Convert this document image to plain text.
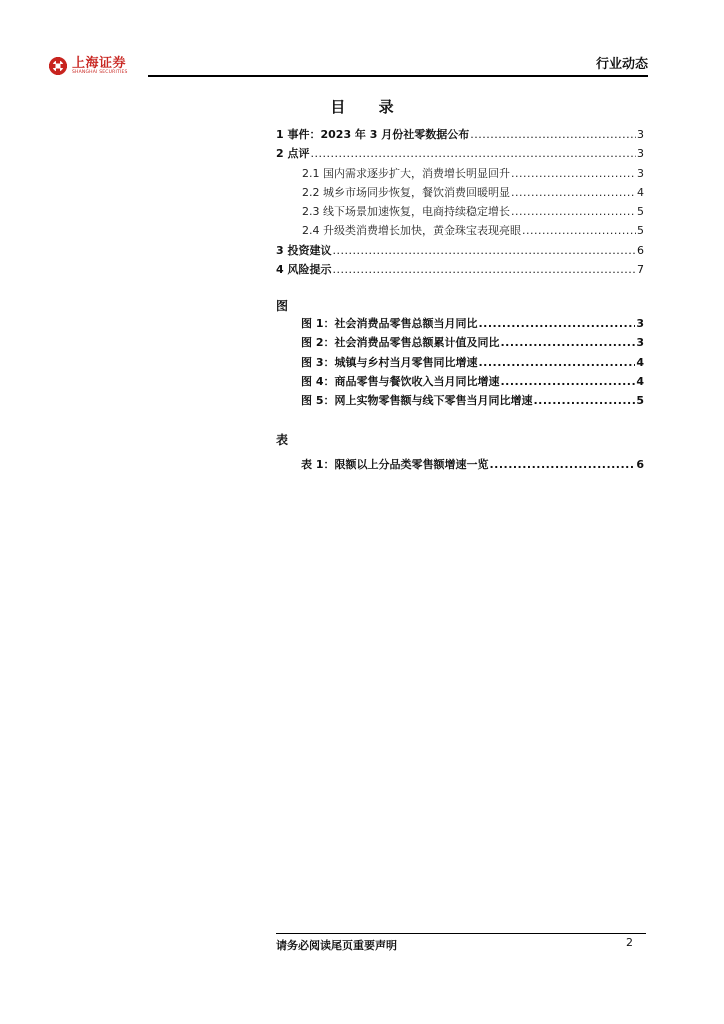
上海证券
SHANGHAI SECURITIES
行业动态
目 录
1 事件：2023 年 3 月份社零数据公布 .....	3
2 点评 .....	3
2.1 国内需求逐步扩大，消费增长明显回升 .....	3
2.2 城乡市场同步恢复，餐饮消费回暖明显 .....	4
2.3 线下场景加速恢复，电商持续稳定增长 .....	5
2.4 升级类消费增长加快，黄金珠宝表现亮眼 .....	5
3 投资建议 .....	6
4 风险提示 .....	7
图
图 1：社会消费品零售总额当月同比 .....	3
图 2：社会消费品零售总额累计值及同比 .....	3
图 3：城镇与乡村当月零售同比增速 .....	4
图 4：商品零售与餐饮收入当月同比增速 .....	4
图 5：网上实物零售额与线下零售当月同比增速 .....	5
表
表 1：限额以上分品类零售额增速一览 .....	6
请务必阅读尾页重要声明	2
